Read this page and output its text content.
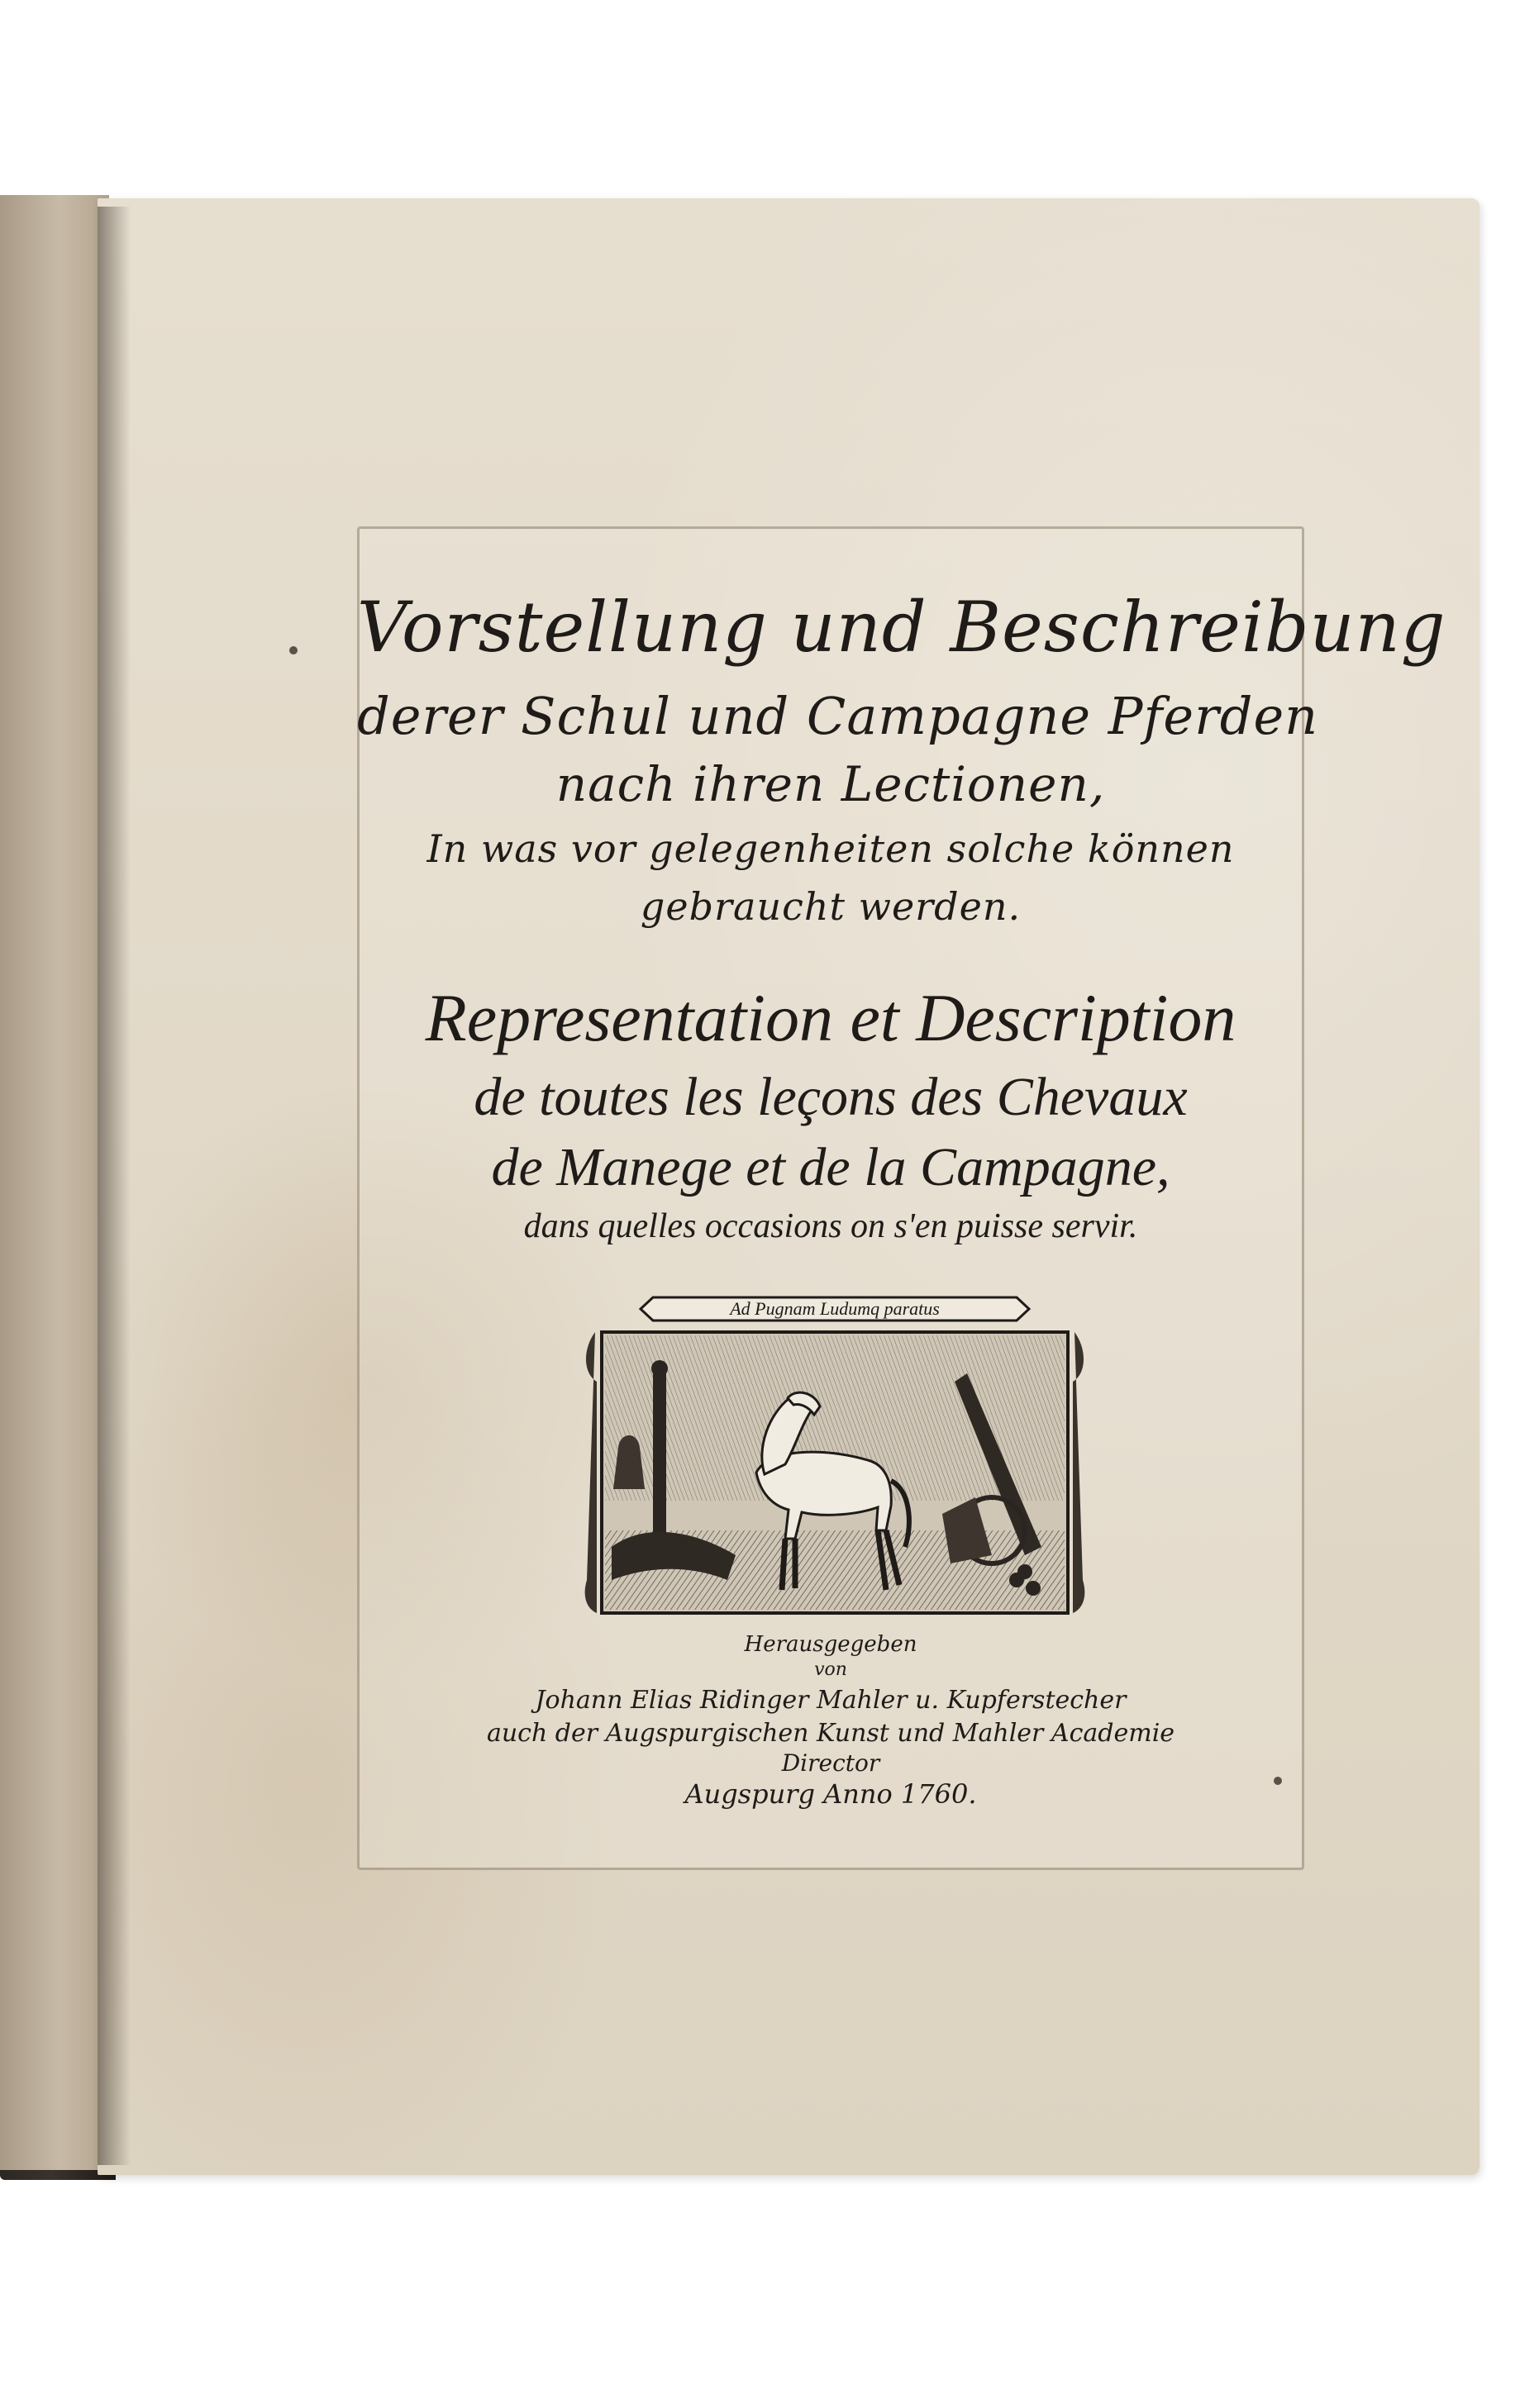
Vorstellung und Beschreibung
derer Schul und Campagne Pferden
nach ihren Lectionen,
In was vor gelegenheiten solche können
gebraucht werden.
Representation et Description
de toutes les leçons des Chevaux
de Manege et de la Campagne,
dans quelles occasions on s'en puisse servir.
Ad Pugnam Ludumq paratus
Herausgegeben
von
Johann Elias Ridinger Mahler u. Kupferstecher
auch der Augspurgischen Kunst und Mahler Academie
Director
Augspurg Anno 1760.
